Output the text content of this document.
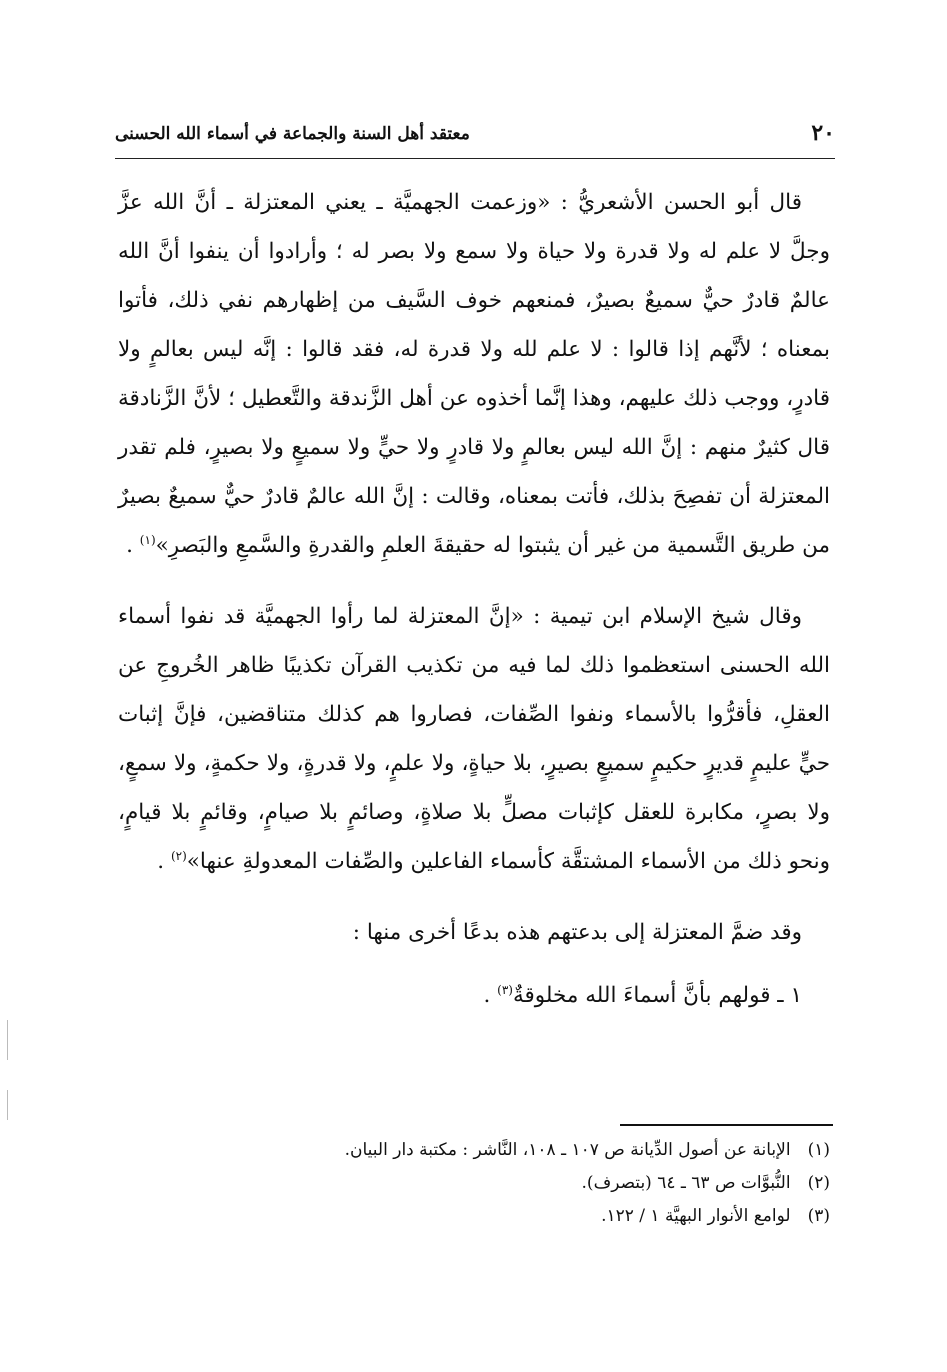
٢٠
معتقد أهل السنة والجماعة في أسماء الله الحسنى

قال أبو الحسن الأشعريُّ : «وزعمت الجهميَّة ـ يعني المعتزلة ـ أنَّ الله عزَّ وجلَّ لا علم له ولا قدرة ولا حياة ولا سمع ولا بصر له ؛ وأرادوا أن ينفوا أنَّ الله عالمٌ قادرٌ حيٌّ سميعٌ بصيرٌ، فمنعهم خوف السَّيف من إظهارهم نفي ذلك، فأتوا بمعناه ؛ لأنَّهم إذا قالوا : لا علم لله ولا قدرة له، فقد قالوا : إنَّه ليس بعالمٍ ولا قادرٍ، ووجب ذلك عليهم، وهذا إنَّما أخذوه عن أهل الزَّندقة والتَّعطيل ؛ لأنَّ الزَّنادقة قال كثيرٌ منهم : إنَّ الله ليس بعالمٍ ولا قادرٍ ولا حيٍّ ولا سميعٍ ولا بصيرٍ، فلم تقدر المعتزلة أن تفصِحَ بذلك، فأتت بمعناه، وقالت : إنَّ الله عالمٌ قادرٌ حيٌّ سميعٌ بصيرٌ من طريق التَّسمية من غير أن يثبتوا له حقيقةَ العلمِ والقدرةِ والسَّمعِ والبَصرِ»$^{(١)}$ .

وقال شيخ الإسلام ابن تيمية : «إنَّ المعتزلة لما رأوا الجهميَّة قد نفوا أسماء الله الحسنى استعظموا ذلك لما فيه من تكذيب القرآن تكذيبًا ظاهر الخُروجِ عن العقلِ، فأقرُّوا بالأسماء ونفوا الصِّفات، فصاروا هم كذلك متناقضين، فإنَّ إثبات حيٍّ عليمٍ قديرٍ حكيمٍ سميعٍ بصيرٍ، بلا حياةٍ، ولا علمٍ، ولا قدرةٍ، ولا حكمةٍ، ولا سمعٍ، ولا بصرٍ، مكابرة للعقل كإثبات مصلٍّ بلا صلاةٍ، وصائمٍ بلا صيامٍ، وقائمٍ بلا قيامٍ، ونحو ذلك من الأسماء المشتقَّة كأسماء الفاعلين والصِّفات المعدولةِ عنها»$^{(٢)}$ .

وقد ضمَّ المعتزلة إلى بدعتهم هذه بدعًا أخرى منها :

١ ـ قولهم بأنَّ أسماءَ الله مخلوقةٌ$^{(٣)}$ .

(١) الإبانة عن أصول الدِّيانة ص ١٠٧ ـ ١٠٨، النَّاشر : مكتبة دار البيان.
(٢) النُّبوَّات ص ٦٣ ـ ٦٤ (بتصرف).
(٣) لوامع الأنوار البهيَّة ١ / ١٢٢.
